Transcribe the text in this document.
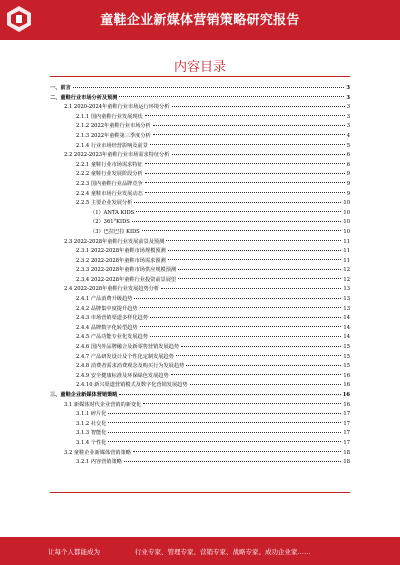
童鞋企业新媒体营销策略研究报告
内容目录
一、前言	3
二、童鞋行业市场分析及预测	3
2.1 2020-2024年童鞋行业市场运行环境分析	3
2.1.1 国内童鞋行业发展现状	3
2.1.2 2022年童鞋行业市场分析	3
2.1.3 2022年童鞋第三季度分析	4
2.1.4 行业市场经营影响及前景	5
2.2 2022-2023年童鞋行业市场需求特征分析	6
2.2.1 童鞋行业市场需求特征	6
2.2.2 童鞋行业发展阶段分析	9
2.2.3 国内童鞋行业品牌竞争	9
2.2.4 童鞋市场行业发展动态	9
2.2.5 主要企业发展分析	10
（1）ANTA KIDS	10
（2）361°KIDS	10
（3）巴拉巴拉 KIDS	10
2.3 2022-2028年童鞋行业发展前景及预测	11
2.3.1 2022-2028年童鞋市场规模预测	11
2.3.2 2022-2028年童鞋市场需求预测	11
2.3.3 2022-2028年童鞋市场供应规模预测	12
2.3.4 2022-2028年童鞋行业投资前景展望	12
2.4 2022-2028年童鞋行业发展趋势分析	13
2.4.1 产品消费升级趋势	13
2.4.2 品牌集中度提升趋势	13
2.4.3 市场营销渠道多样化趋势	14
2.4.4 品牌数字化转型趋势	14
2.4.5 产品功能专业化发展趋势	14
2.4.6 国内外品牌融合及新零售营销发展趋势	15
2.4.7 产品研发设计及个性化定制发展趋势	15
2.4.8 消费者需求消费观念及购买行为发展趋势	15
2.4.9 安全健康标准及环保绿色发展趋势	16
2.4.10 新兴渠道营销模式及数字化营销发展趋势	16
三、童鞋企业新媒体营销策略	16
3.1 新媒体时代企业营销的新变化	16
3.1.1 碎片化	17
3.1.2 社交化	17
3.1.3 智能化	17
3.1.4 个性化	17
3.2 童鞋企业新媒体营销策略	18
3.2.1 内容营销策略	18
让每个人都能成为	行业专家、管理专家、营销专家、战略专家、成功企业家……
